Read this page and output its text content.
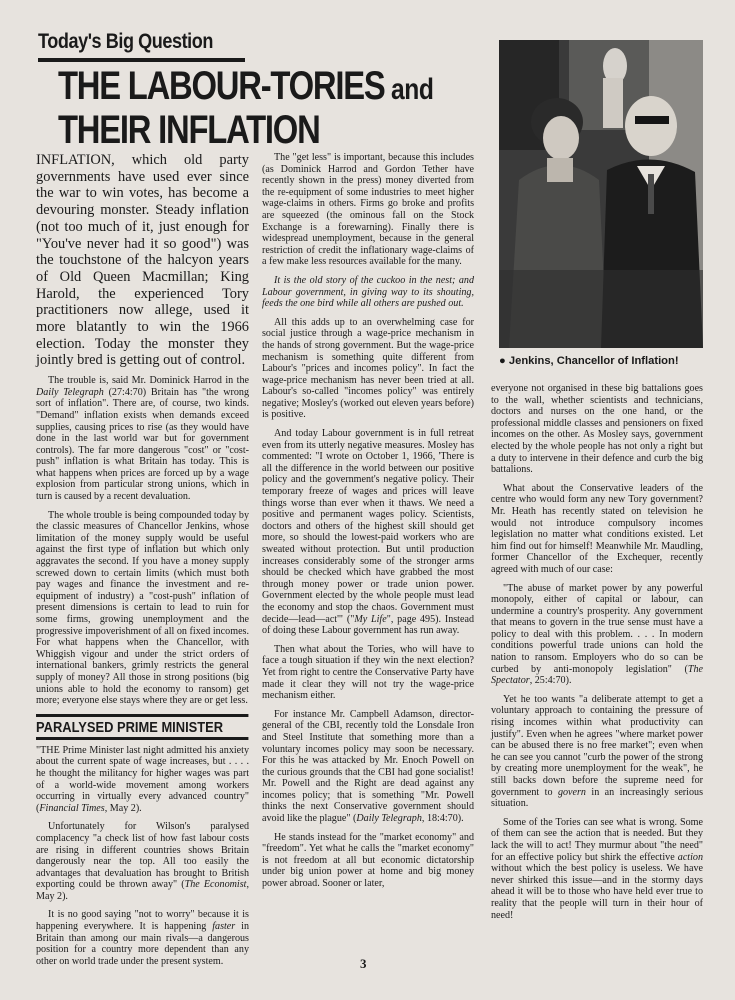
Today's Big Question
THE LABOUR-TORIES and
THEIR INFLATION

INFLATION, which old party governments have used ever since the war to win votes, has become a devouring monster. Steady inflation (not too much of it, just enough for "You've never had it so good") was the touchstone of the halcyon years of Old Queen Macmillan; King Harold, the experienced Tory practitioners now allege, used it more blatantly to win the 1966 election. Today the monster they jointly bred is getting out of control.

The trouble is, said Mr. Dominick Harrod in the Daily Telegraph (27:4:70) Britain has "the wrong sort of inflation". There are, of course, two kinds. "Demand" inflation exists when demands exceed supplies, causing prices to rise (as they would have done in the last world war but for government controls). The far more dangerous "cost" or "cost-push" inflation is what Britain has today. This is what happens when prices are forced up by a wage explosion from particular strong unions, which in turn is caused by a recent devaluation.

The whole trouble is being compounded today by the classic measures of Chancellor Jenkins, whose limitation of the money supply would be useful against the first type of inflation but which only aggravates the second. If you have a money supply screwed down to certain limits (which must both pay wages and finance the investment and re-equipment of industry) a "cost-push" inflation of present dimensions is certain to lead to ruin for some firms, growing unemployment and the progressive impoverishment of all on fixed incomes. For what happens when the Chancellor, with Whiggish vigour and under the strict orders of international bankers, grimly restricts the general supply of money? All those in strong positions (big unions able to hold the economy to ransom) get more; everyone else stays where they are or get less.

PARALYSED PRIME MINISTER

"THE Prime Minister last night admitted his anxiety about the current spate of wage increases, but . . . . he thought the militancy for higher wages was part of a world-wide movement among workers occurring in virtually every advanced country" (Financial Times, May 2).

Unfortunately for Wilson's paralysed complacency "a check list of how fast labour costs are rising in different countries shows Britain dangerously near the top. All too easily the advantages that devaluation has brought to British exporting could be thrown away" (The Economist, May 2).

It is no good saying "not to worry" because it is happening everywhere. It is happening faster in Britain than among our main rivals—a dangerous position for a country more dependent than any other on world trade under the present system.

The "get less" is important, because this includes (as Dominick Harrod and Gordon Tether have recently shown in the press) money diverted from the re-equipment of some industries to meet higher wage-claims in others. Firms go broke and profits are squeezed (the ominous fall on the Stock Exchange is a forewarning). Finally there is widespread unemployment, because in the general restriction of credit the inflationary wage-claims of a few make less resources available for the many.

It is the old story of the cuckoo in the nest; and Labour government, in giving way to its shouting, feeds the one bird while all others are pushed out.

All this adds up to an overwhelming case for social justice through a wage-price mechanism in the hands of strong government. But the wage-price mechanism is something quite different from Labour's "prices and incomes policy". In fact the wage-price mechanism has never been tried at all. Labour's so-called "incomes policy" was entirely negative; Mosley's (worked out eleven years before) is positive.

And today Labour government is in full retreat even from its utterly negative measures. Mosley has commented: "I wrote on October 1, 1966, 'There is all the difference in the world between our positive policy and the government's negative policy. Their temporary freeze of wages and prices will leave things worse than ever when it thaws. We need a positive and permanent wages policy. Scientists, doctors and others of the highest skill should get more, so should the lowest-paid workers who are sweated without protection. But until production increases considerably some of the stronger arms should be checked which have grabbed the most through money power or trade union power. Government elected by the whole people must lead the economy and stop the chaos. Government must decide—lead—act'" ("My Life", page 495). Instead of doing these Labour government has run away.

Then what about the Tories, who will have to face a tough situation if they win the next election? Yet from right to centre the Conservative Party have made it clear they will not try the wage-price mechanism either.

For instance Mr. Campbell Adamson, director-general of the CBI, recently told the Lonsdale Iron and Steel Institute that something more than a voluntary incomes policy may soon be necessary. For this he was attacked by Mr. Enoch Powell on the curious grounds that the CBI had gone socialist! Mr. Powell and the Right are dead against any incomes policy; that is something "Mr. Powell thinks the next Conservative government should avoid like the plague" (Daily Telegraph, 18:4:70).

He stands instead for the "market economy" and "freedom". Yet what he calls the "market economy" is not freedom at all but economic dictatorship under big union power at home and big money power abroad. Sooner or later,

● Jenkins, Chancellor of Inflation!

everyone not organised in these big battalions goes to the wall, whether scientists and technicians, doctors and nurses on the one hand, or the professional middle classes and pensioners on fixed incomes on the other. As Mosley says, government elected by the whole people has not only a right but a duty to intervene in their defence and curb the big battalions.

What about the Conservative leaders of the centre who would form any new Tory government? Mr. Heath has recently stated on television he would not introduce compulsory incomes legislation no matter what conditions existed. Let him find out for himself! Meanwhile Mr. Maudling, former Chancellor of the Exchequer, recently agreed with much of our case:

"The abuse of market power by any powerful monopoly, either of capital or labour, can undermine a country's prosperity. Any government that means to govern in the true sense must have a policy to deal with this problem. . . . In modern conditions powerful trade unions can hold the nation to ransom. Employers who do so can be curbed by anti-monopoly legislation" (The Spectator, 25:4:70).

Yet he too wants "a deliberate attempt to get a voluntary approach to containing the pressure of rising incomes within what productivity can justify". Even when he agrees "where market power can be abused there is no free market"; even when he can see you cannot "curb the power of the strong by creating more unemployment for the weak", he still backs down before the supreme need for government to govern in an increasingly serious situation.

Some of the Tories can see what is wrong. Some of them can see the action that is needed. But they lack the will to act! They murmur about "the need" for an effective policy but shirk the effective action without which the best policy is useless. We have never shirked this issue—and in the stormy days ahead it will be to those who have held ever true to reality that the people will turn in their hour of need!

3
